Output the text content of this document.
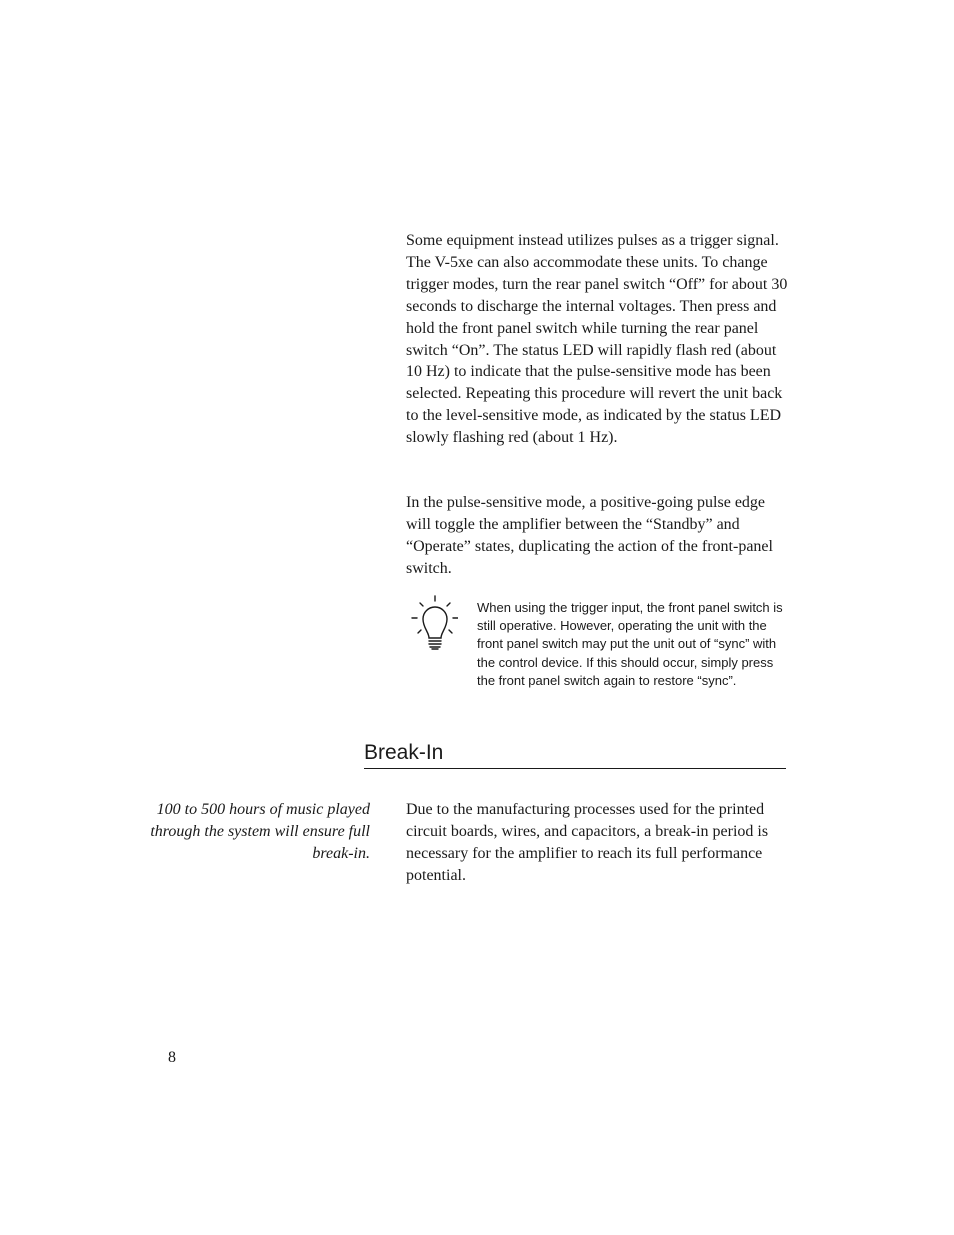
Some equipment instead utilizes pulses as a trigger signal. The V-5xe can also accommodate these units. To change trigger modes, turn the rear panel switch “Off” for about 30 seconds to discharge the internal voltages. Then press and hold the front panel switch while turning the rear panel switch “On”. The status LED will rapidly flash red (about 10 Hz) to indicate that the pulse-sensitive mode has been selected. Repeating this procedure will revert the unit back to the level-sensitive mode, as indicated by the status LED slowly flashing red (about 1 Hz).

In the pulse-sensitive mode, a positive-going pulse edge will toggle the amplifier between the “Standby” and “Operate” states, duplicating the action of the front-panel switch.

When using the trigger input, the front panel switch is still operative. However, operating the unit with the front panel switch may put the unit out of “sync” with the control device. If this should occur, simply press the front panel switch again to restore “sync”.

Break-In

100 to 500 hours of music played through the system will ensure full break-in.

Due to the manufacturing processes used for the printed circuit boards, wires, and capacitors, a break-in period is necessary for the amplifier to reach its full performance potential.

8
